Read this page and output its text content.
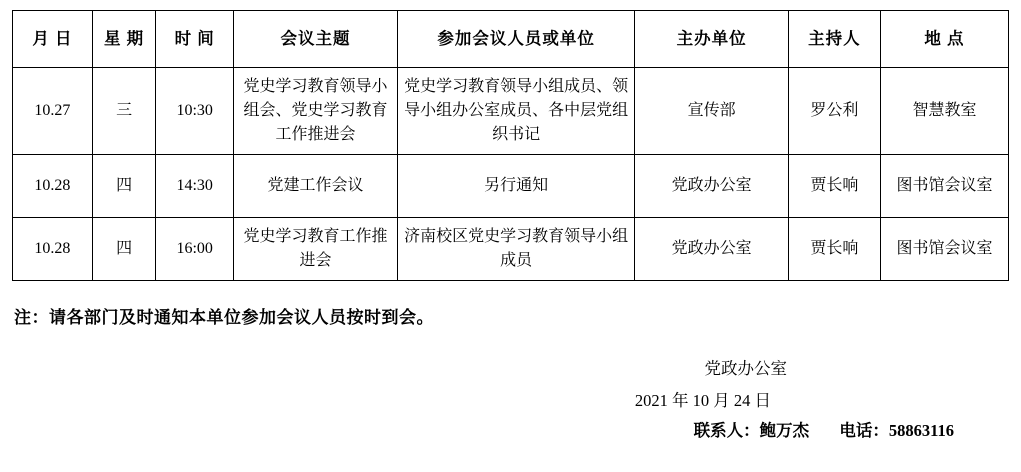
月 日	星 期	时 间	会议主题	参加会议人员或单位	主办单位	主持人	地 点
10.27	三	10:30	党史学习教育领导小组会、党史学习教育工作推进会	党史学习教育领导小组成员、领导小组办公室成员、各中层党组织书记	宣传部	罗公利	智慧教室
10.28	四	14:30	党建工作会议	另行通知	党政办公室	贾长响	图书馆会议室
10.28	四	16:00	党史学习教育工作推进会	济南校区党史学习教育领导小组成员	党政办公室	贾长响	图书馆会议室
注：请各部门及时通知本单位参加会议人员按时到会。
党政办公室
2021 年 10 月 24 日
联系人：鲍万杰 电话：58863116
